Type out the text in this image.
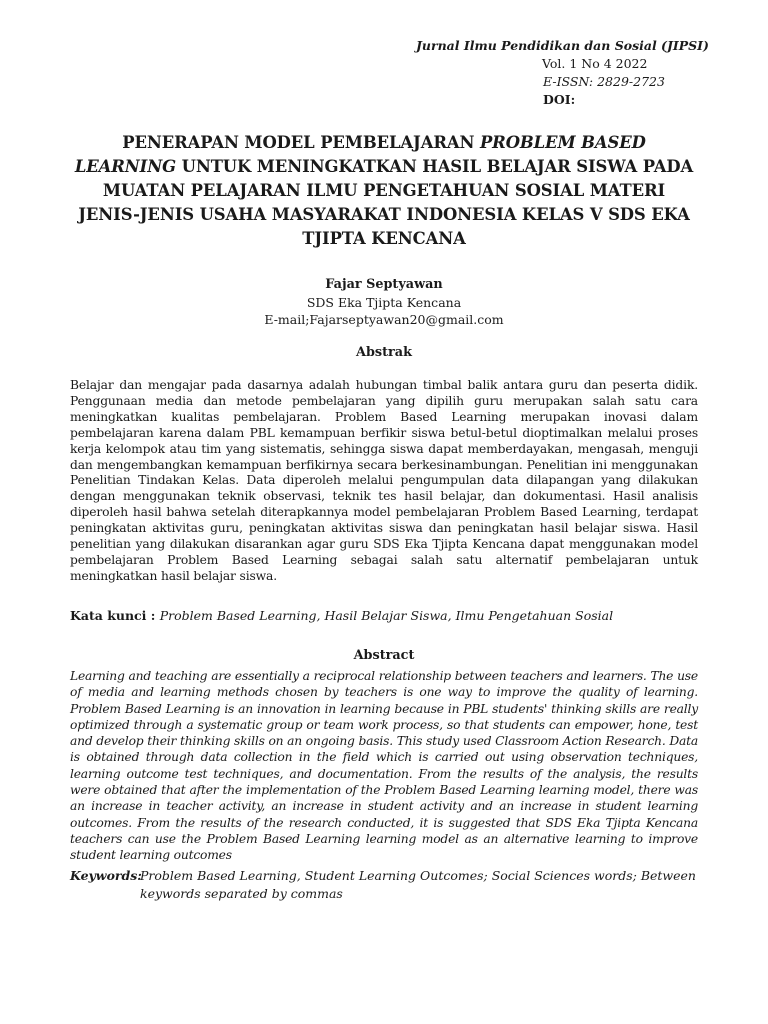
Jurnal Ilmu Pendidikan dan Sosial (JIPSI)
Vol. 1 No 4 2022
E-ISSN: 2829-2723
DOI:
PENERAPAN MODEL PEMBELAJARAN PROBLEM BASED LEARNING UNTUK MENINGKATKAN HASIL BELAJAR SISWA PADA MUATAN PELAJARAN ILMU PENGETAHUAN SOSIAL MATERI JENIS-JENIS USAHA MASYARAKAT INDONESIA KELAS V SDS EKA TJIPTA KENCANA
Fajar Septyawan
SDS Eka Tjipta Kencana
E-mail;Fajarseptyawan20@gmail.com
Abstrak
Belajar dan mengajar pada dasarnya adalah hubungan timbal balik antara guru dan peserta didik. Penggunaan media dan metode pembelajaran yang dipilih guru merupakan salah satu cara meningkatkan kualitas pembelajaran. Problem Based Learning merupakan inovasi dalam pembelajaran karena dalam PBL kemampuan berfikir siswa betul-betul dioptimalkan melalui proses kerja kelompok atau tim yang sistematis, sehingga siswa dapat memberdayakan, mengasah, menguji dan mengembangkan kemampuan berfikirnya secara berkesinambungan. Penelitian ini menggunakan Penelitian Tindakan Kelas. Data diperoleh melalui pengumpulan data dilapangan yang dilakukan dengan menggunakan teknik observasi, teknik tes hasil belajar, dan dokumentasi. Hasil analisis diperoleh hasil bahwa setelah diterapkannya model pembelajaran Problem Based Learning, terdapat peningkatan aktivitas guru, peningkatan aktivitas siswa dan peningkatan hasil belajar siswa. Hasil penelitian yang dilakukan disarankan agar guru SDS Eka Tjipta Kencana dapat menggunakan model pembelajaran Problem Based Learning sebagai salah satu alternatif pembelajaran untuk meningkatkan hasil belajar siswa.
Kata kunci : Problem Based Learning, Hasil Belajar Siswa, Ilmu Pengetahuan Sosial
Abstract
Learning and teaching are essentially a reciprocal relationship between teachers and learners. The use of media and learning methods chosen by teachers is one way to improve the quality of learning. Problem Based Learning is an innovation in learning because in PBL students' thinking skills are really optimized through a systematic group or team work process, so that students can empower, hone, test and develop their thinking skills on an ongoing basis. This study used Classroom Action Research. Data is obtained through data collection in the field which is carried out using observation techniques, learning outcome test techniques, and documentation. From the results of the analysis, the results were obtained that after the implementation of the Problem Based Learning learning model, there was an increase in teacher activity, an increase in student activity and an increase in student learning outcomes. From the results of the research conducted, it is suggested that SDS Eka Tjipta Kencana teachers can use the Problem Based Learning learning model as an alternative learning to improve student learning outcomes
Keywords:Problem Based Learning, Student Learning Outcomes; Social Sciences words; Between keywords separated by commas
